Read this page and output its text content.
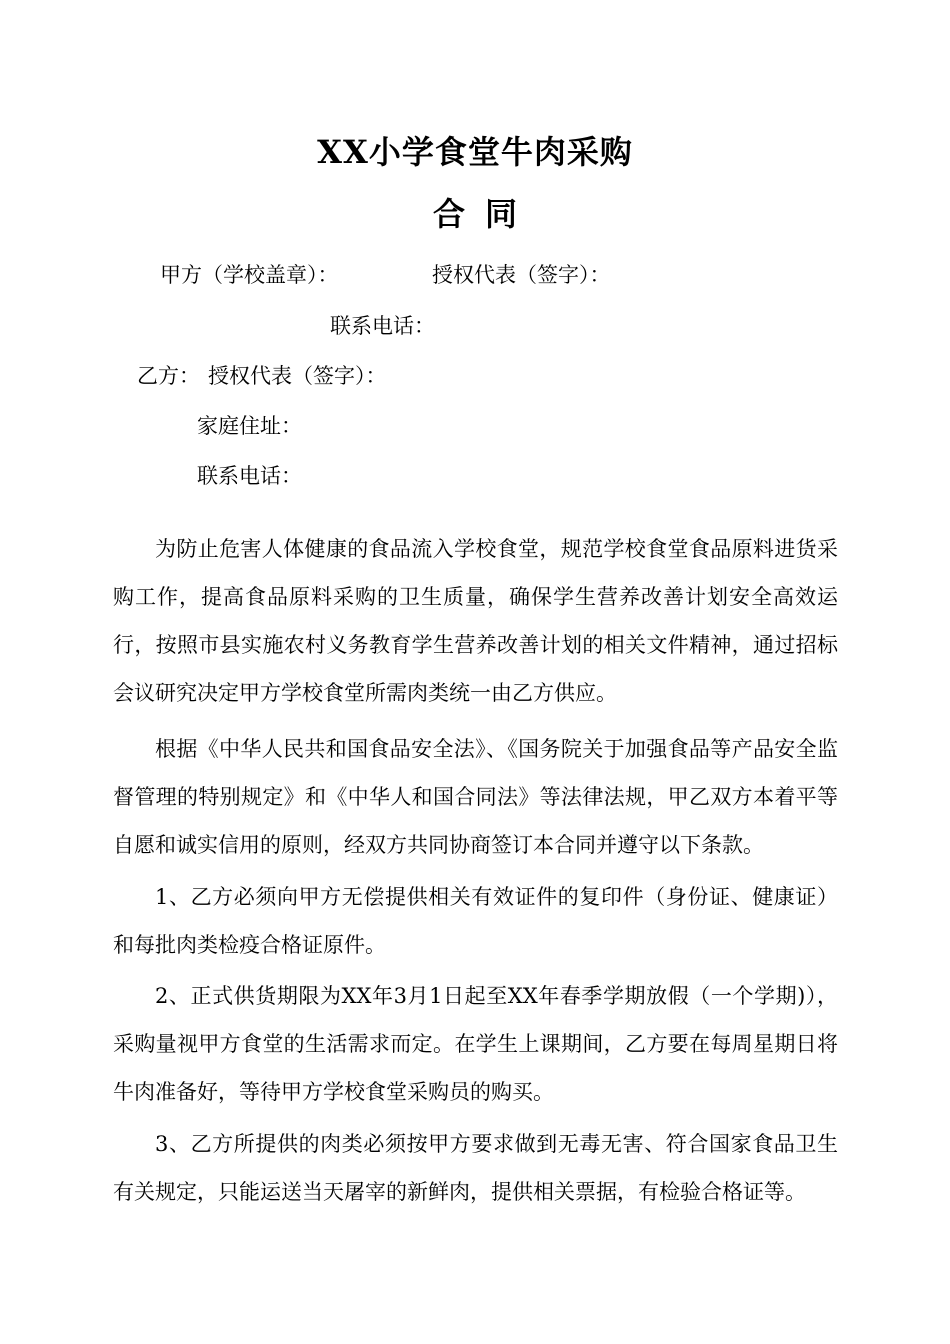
XX小学食堂牛肉采购
合 同
甲方（学校盖章）：	授权代表（签字）：
联系电话：
乙方： 授权代表（签字）：
家庭住址：
联系电话：
为防止危害人体健康的食品流入学校食堂，规范学校食堂食品原料进货采购工作，提高食品原料采购的卫生质量，确保学生营养改善计划安全高效运行，按照市县实施农村义务教育学生营养改善计划的相关文件精神，通过招标会议研究决定甲方学校食堂所需肉类统一由乙方供应。
根据《中华人民共和国食品安全法》、《国务院关于加强食品等产品安全监督管理的特别规定》和《中华人和国合同法》等法律法规，甲乙双方本着平等自愿和诚实信用的原则，经双方共同协商签订本合同并遵守以下条款。
1、乙方必须向甲方无偿提供相关有效证件的复印件（身份证、健康证）和每批肉类检疫合格证原件。
2、正式供货期限为XX年3月1日起至XX年春季学期放假（一个学期)），采购量视甲方食堂的生活需求而定。在学生上课期间，乙方要在每周星期日将牛肉准备好，等待甲方学校食堂采购员的购买。
3、乙方所提供的肉类必须按甲方要求做到无毒无害、符合国家食品卫生有关规定，只能运送当天屠宰的新鲜肉，提供相关票据，有检验合格证等。
